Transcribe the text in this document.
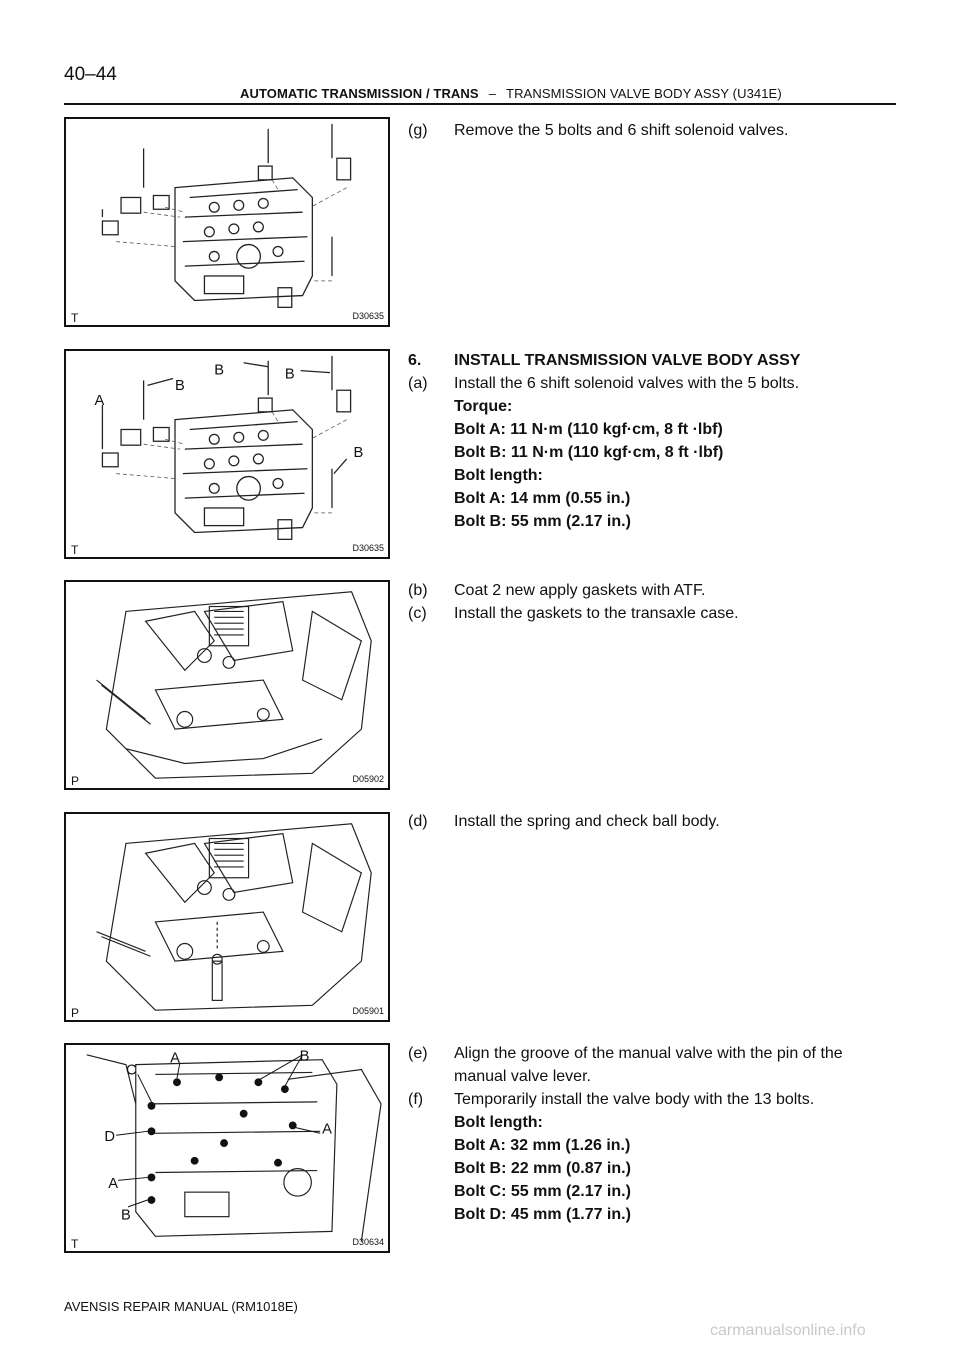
40–44
AUTOMATIC TRANSMISSION / TRANS – TRANSMISSION VALVE BODY ASSY (U341E)
D30635
T
A
B
B	B
B
D30635
T
D05902
P
D05901
P
A	B
C
D	A
A
B
D30634
T
(g) Remove the 5 bolts and 6 shift solenoid valves.
6. INSTALL TRANSMISSION VALVE BODY ASSY
(a) Install the 6 shift solenoid valves with the 5 bolts.
Torque:
Bolt A: 11 N·m (110 kgf·cm, 8 ft ·lbf)
Bolt B: 11 N·m (110 kgf·cm, 8 ft ·lbf)
Bolt length:
Bolt A: 14 mm (0.55 in.)
Bolt B: 55 mm (2.17 in.)
(b) Coat 2 new apply gaskets with ATF.
(c) Install the gaskets to the transaxle case.
(d) Install the spring and check ball body.
(e) Align the groove of the manual valve with the pin of the
manual valve lever.
(f) Temporarily install the valve body with the 13 bolts.
Bolt length:
Bolt A: 32 mm (1.26 in.)
Bolt B: 22 mm (0.87 in.)
Bolt C: 55 mm (2.17 in.)
Bolt D: 45 mm (1.77 in.)
AVENSIS REPAIR MANUAL (RM1018E)
carmanualsonline.info
